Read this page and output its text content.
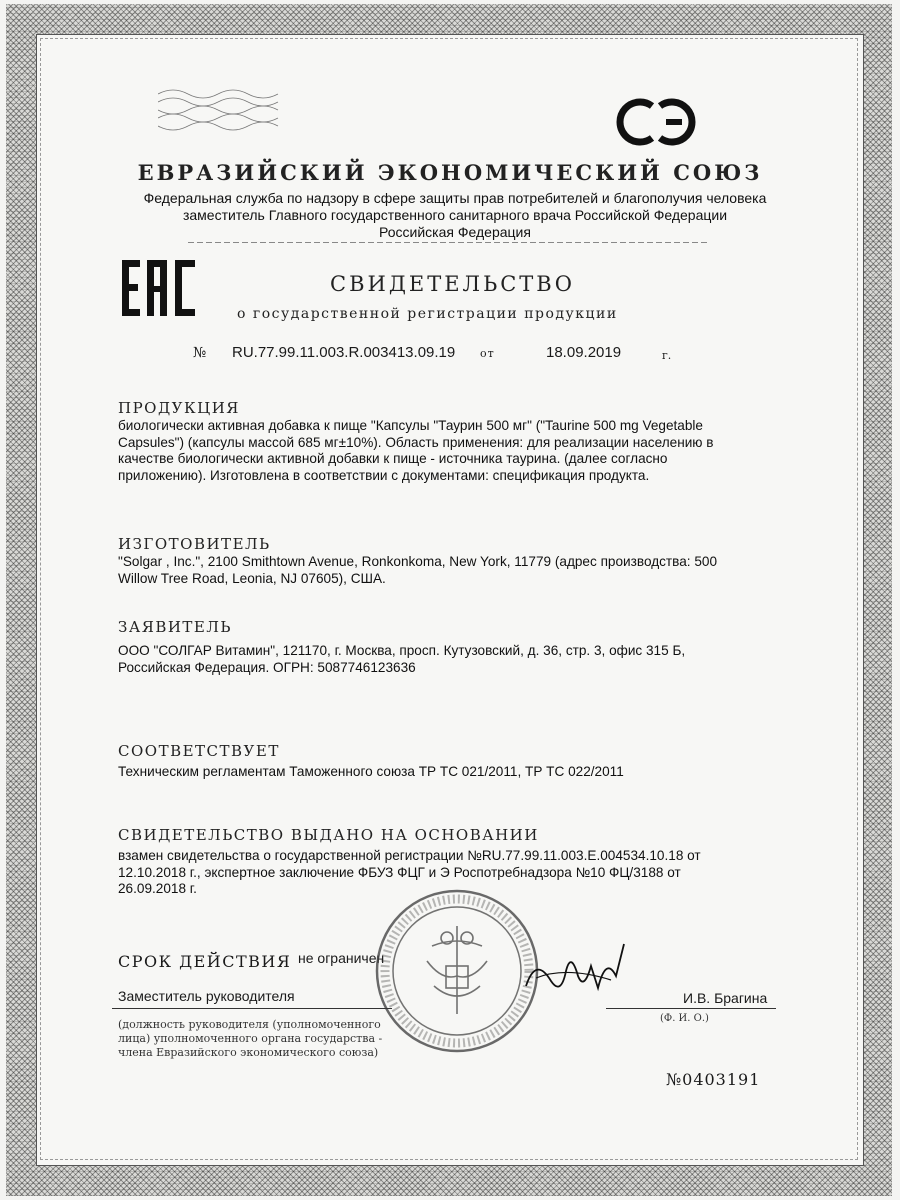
ЕВРАЗИЙСКИЙ ЭКОНОМИЧЕСКИЙ СОЮЗ
Федеральная служба по надзору в сфере защиты прав потребителей и благополучия человека
заместитель Главного государственного санитарного врача Российской Федерации
Российская Федерация
СВИДЕТЕЛЬСТВО
о государственной регистрации продукции
№ RU.77.99.11.003.R.003413.09.19 от	18.09.2019	г.
ПРОДУКЦИЯ
биологически активная добавка к пище "Капсулы "Таурин 500 мг" ("Taurine 500 mg Vegetable
Capsules") (капсулы массой 685 мг±10%). Область применения: для реализации населению в
качестве биологически активной добавки к пище - источника таурина. (далее согласно
приложению). Изготовлена в соответствии с документами: спецификация продукта.
ИЗГОТОВИТЕЛЬ
"Solgar , Inc.", 2100 Smithtown Avenue, Ronkonkoma, New York, 11779 (адрес производства: 500
Willow Tree Road, Leonia, NJ 07605), США.
ЗАЯВИТЕЛЬ
ООО "СОЛГАР Витамин", 121170, г. Москва, просп. Кутузовский, д. 36, стр. 3, офис 315 Б,
Российская Федерация. ОГРН: 5087746123636
СООТВЕТСТВУЕТ
Техническим регламентам Таможенного союза ТР ТС 021/2011, ТР ТС 022/2011
СВИДЕТЕЛЬСТВО ВЫДАНО НА ОСНОВАНИИ
взамен свидетельства о государственной регистрации №RU.77.99.11.003.Е.004534.10.18 от
12.10.2018 г., экспертное заключение ФБУЗ ФЦГ и Э Роспотребнадзора №10 ФЦ/3188 от
26.09.2018 г.
СРОК ДЕЙСТВИЯ не ограничен
Заместитель руководителя	И.В. Брагина
(Ф. И. О.)
(должность руководителя (уполномоченного
лица) уполномоченного органа государства -
члена Евразийского экономического союза)
№0403191
